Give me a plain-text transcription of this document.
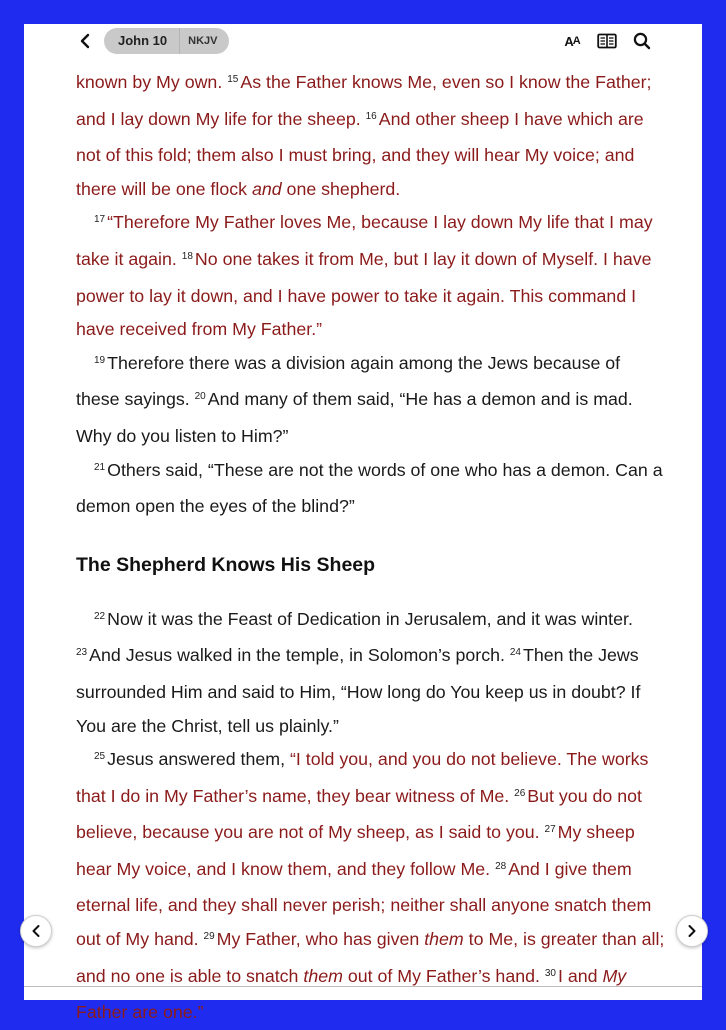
John 10	NKJV	A A

known by My own. $^{15}$ As the Father knows Me, even so I know the Father; and I lay down My life for the sheep. $^{16}$ And other sheep I have which are not of this fold; them also I must bring, and they will hear My voice; and there will be one flock and one shepherd.

$^{17}$ “Therefore My Father loves Me, because I lay down My life that I may take it again. $^{18}$ No one takes it from Me, but I lay it down of Myself. I have power to lay it down, and I have power to take it again. This command I have received from My Father.”

$^{19}$ Therefore there was a division again among the Jews because of these sayings. $^{20}$ And many of them said, “He has a demon and is mad. Why do you listen to Him?”

$^{21}$ Others said, “These are not the words of one who has a demon. Can a demon open the eyes of the blind?”

The Shepherd Knows His Sheep

$^{22}$ Now it was the Feast of Dedication in Jerusalem, and it was winter. $^{23}$ And Jesus walked in the temple, in Solomon’s porch. $^{24}$ Then the Jews surrounded Him and said to Him, “How long do You keep us in doubt? If You are the Christ, tell us plainly.”

$^{25}$ Jesus answered them, “I told you, and you do not believe. The works that I do in My Father’s name, they bear witness of Me. $^{26}$ But you do not believe, because you are not of My sheep, as I said to you. $^{27}$ My sheep hear My voice, and I know them, and they follow Me. $^{28}$ And I give them eternal life, and they shall never perish; neither shall anyone snatch them out of My hand. $^{29}$ My Father, who has given them to Me, is greater than all; and no one is able to snatch them out of My Father’s hand. $^{30}$ I and My Father are one.”
